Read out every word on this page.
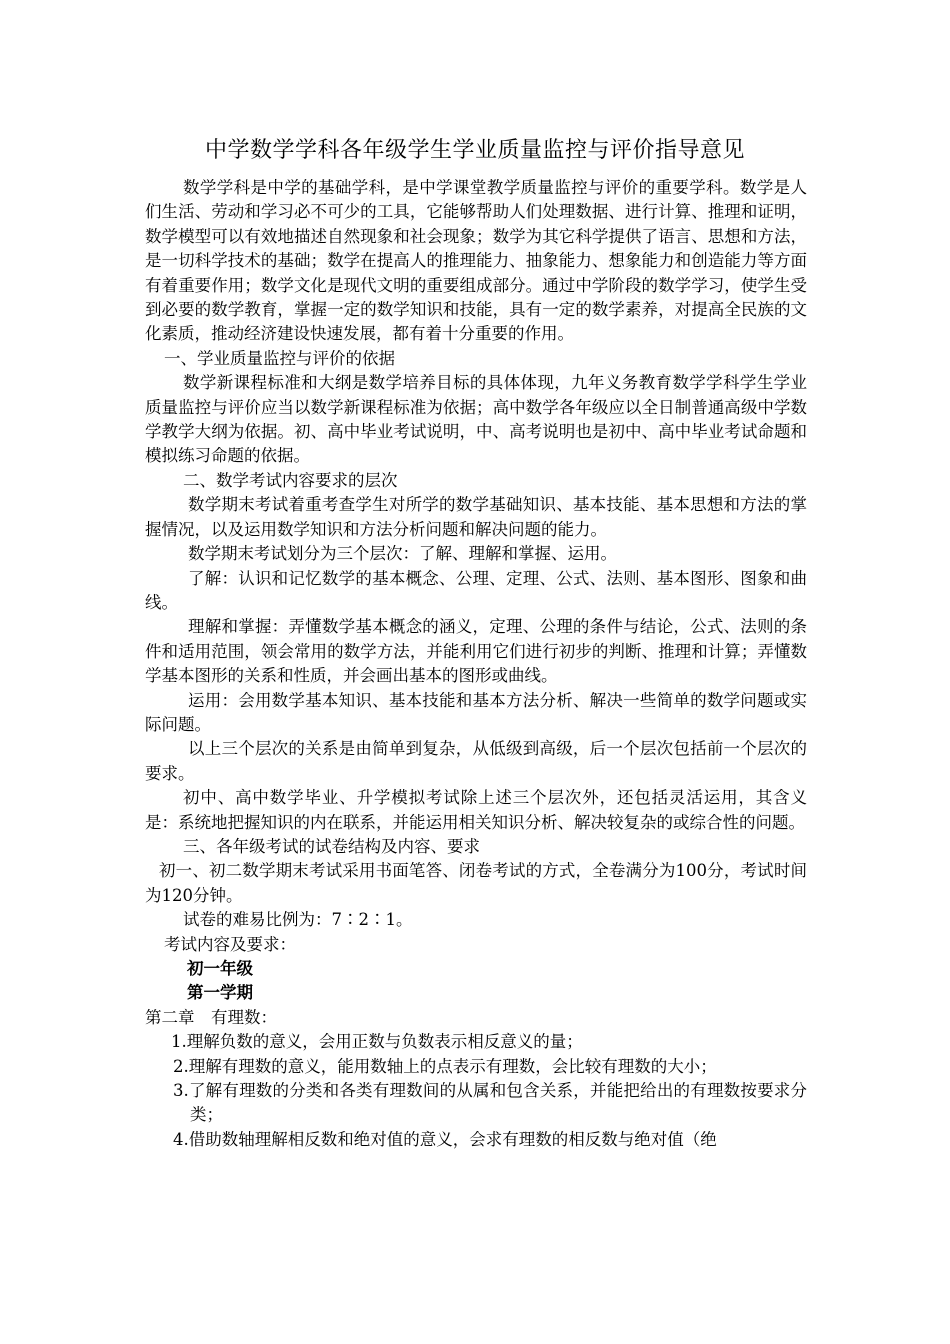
中学数学学科各年级学生学业质量监控与评价指导意见

数学学科是中学的基础学科，是中学课堂教学质量监控与评价的重要学科。数学是人们生活、劳动和学习必不可少的工具，它能够帮助人们处理数据、进行计算、推理和证明，数学模型可以有效地描述自然现象和社会现象；数学为其它科学提供了语言、思想和方法，是一切科学技术的基础；数学在提高人的推理能力、抽象能力、想象能力和创造能力等方面有着重要作用；数学文化是现代文明的重要组成部分。通过中学阶段的数学学习，使学生受到必要的数学教育，掌握一定的数学知识和技能，具有一定的数学素养，对提高全民族的文化素质，推动经济建设快速发展，都有着十分重要的作用。

一、学业质量监控与评价的依据

数学新课程标准和大纲是数学培养目标的具体体现，九年义务教育数学学科学生学业质量监控与评价应当以数学新课程标准为依据；高中数学各年级应以全日制普通高级中学数学教学大纲为依据。初、高中毕业考试说明，中、高考说明也是初中、高中毕业考试命题和模拟练习命题的依据。

二、数学考试内容要求的层次

数学期末考试着重考查学生对所学的数学基础知识、基本技能、基本思想和方法的掌握情况，以及运用数学知识和方法分析问题和解决问题的能力。

数学期末考试划分为三个层次：了解、理解和掌握、运用。

了解：认识和记忆数学的基本概念、公理、定理、公式、法则、基本图形、图象和曲线。

理解和掌握：弄懂数学基本概念的涵义，定理、公理的条件与结论，公式、法则的条件和适用范围，领会常用的数学方法，并能利用它们进行初步的判断、推理和计算；弄懂数学基本图形的关系和性质，并会画出基本的图形或曲线。

运用：会用数学基本知识、基本技能和基本方法分析、解决一些简单的数学问题或实际问题。

以上三个层次的关系是由简单到复杂，从低级到高级，后一个层次包括前一个层次的要求。

初中、高中数学毕业、升学模拟考试除上述三个层次外，还包括灵活运用，其含义是：系统地把握知识的内在联系，并能运用相关知识分析、解决较复杂的或综合性的问题。

三、各年级考试的试卷结构及内容、要求

初一、初二数学期末考试采用书面笔答、闭卷考试的方式，全卷满分为100分，考试时间为120分钟。

试卷的难易比例为：7∶2∶1。

考试内容及要求：

初一年级

第一学期

第二章　有理数：

1.理解负数的意义，会用正数与负数表示相反意义的量；

2.理解有理数的意义，能用数轴上的点表示有理数，会比较有理数的大小；

3.了解有理数的分类和各类有理数间的从属和包含关系，并能把给出的有理数按要求分类；

4.借助数轴理解相反数和绝对值的意义，会求有理数的相反数与绝对值（绝
